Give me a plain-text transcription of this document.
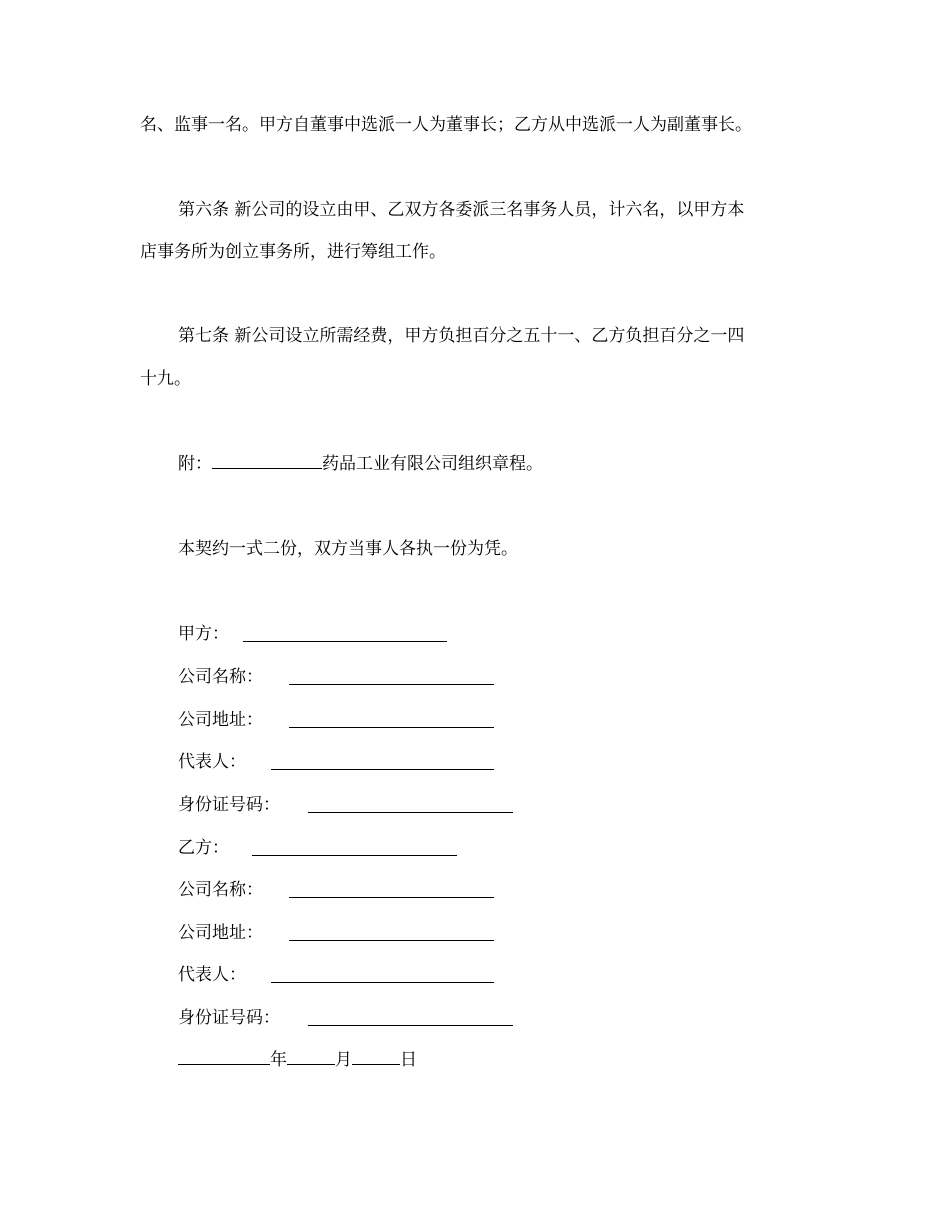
名、监事一名。甲方自董事中选派一人为董事长；乙方从中选派一人为副董事长。
第六条 新公司的设立由甲、乙双方各委派三名事务人员，计六名，以甲方本
店事务所为创立事务所，进行筹组工作。
第七条 新公司设立所需经费，甲方负担百分之五十一、乙方负担百分之一四
十九。
附：	药品工业有限公司组织章程。
本契约一式二份，双方当事人各执一份为凭。
甲方：
公司名称：
公司地址：
代表人：
身份证号码：
乙方：
公司名称：
公司地址：
代表人：
身份证号码：
年	月	日
